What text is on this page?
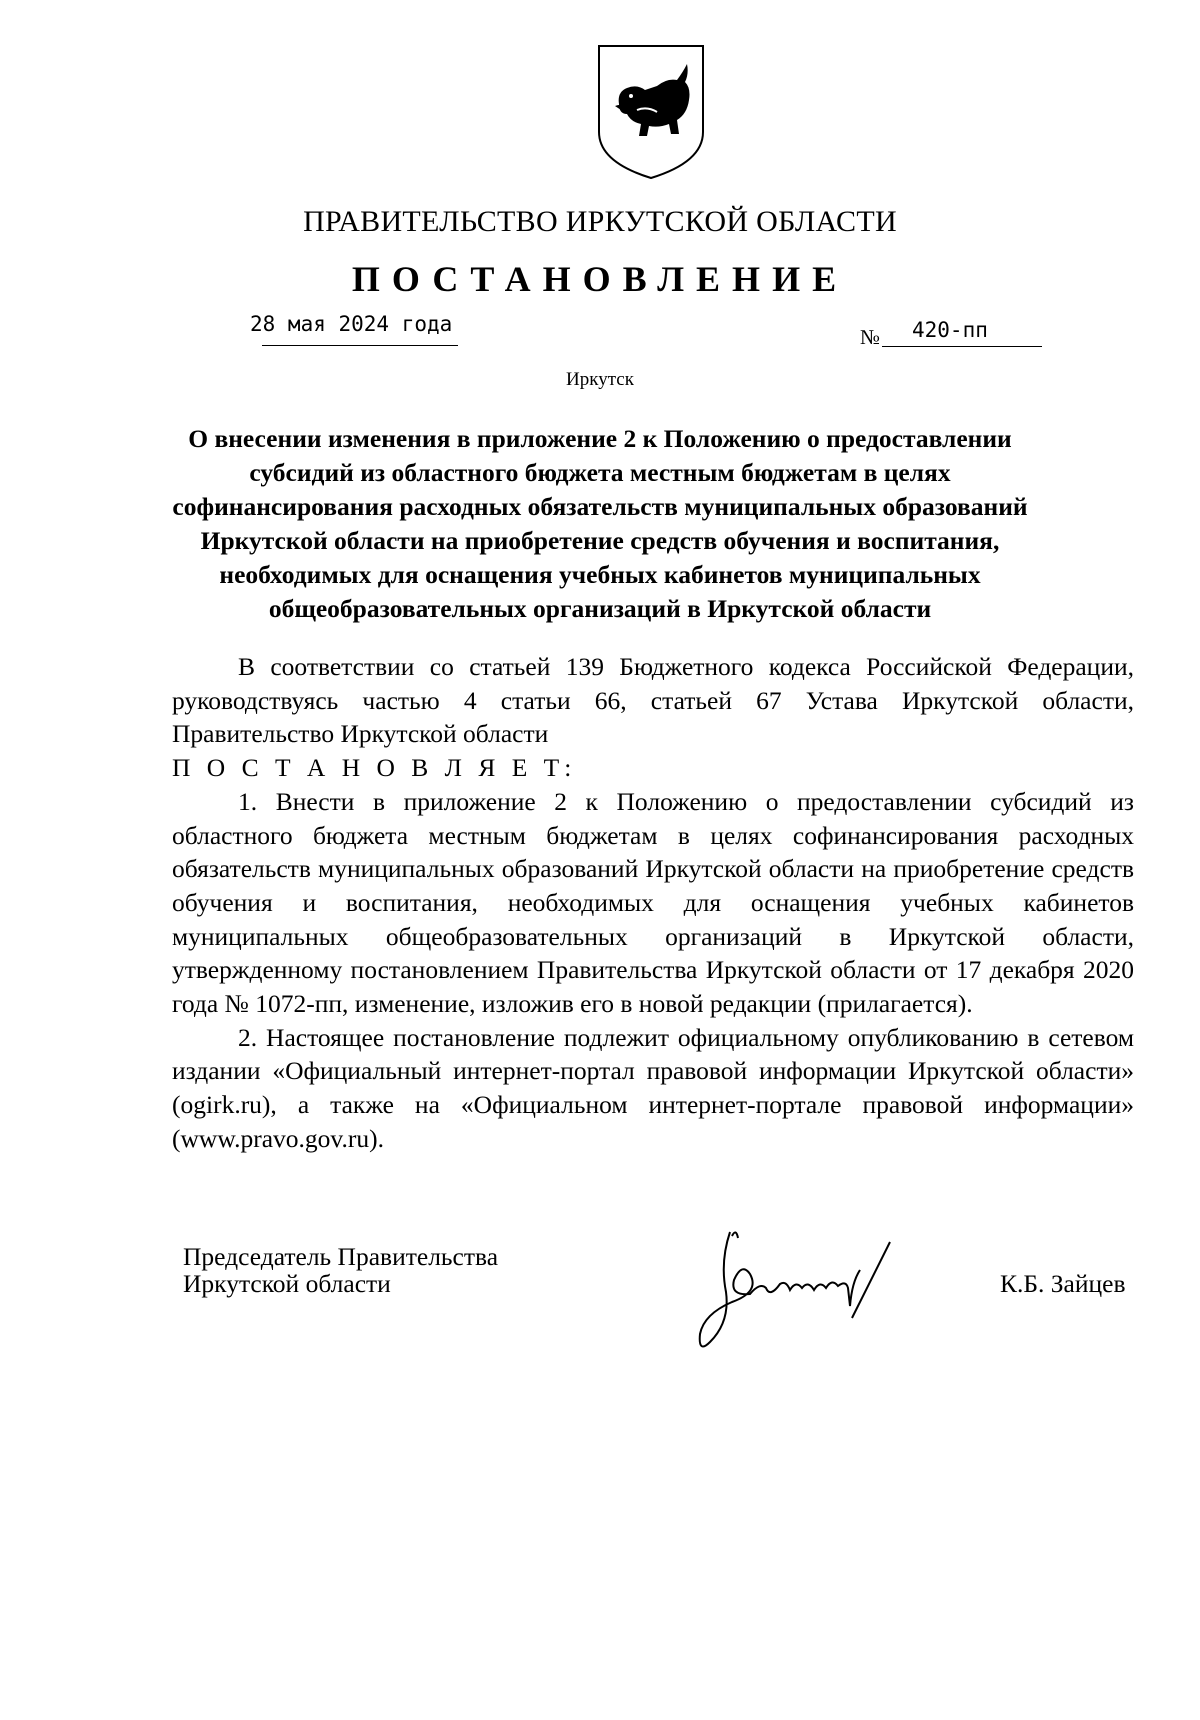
ПРАВИТЕЛЬСТВО ИРКУТСКОЙ ОБЛАСТИ
ПОСТАНОВЛЕНИЕ
28 мая 2024 года
№ 420-пп
Иркутск
О внесении изменения в приложение 2 к Положению о предоставлении
субсидий из областного бюджета местным бюджетам в целях
софинансирования расходных обязательств муниципальных образований
Иркутской области на приобретение средств обучения и воспитания,
необходимых для оснащения учебных кабинетов муниципальных
общеобразовательных организаций в Иркутской области

В соответствии со статьей 139 Бюджетного кодекса Российской Федерации, руководствуясь частью 4 статьи 66, статьей 67 Устава Иркутской области, Правительство Иркутской области

П О С Т А Н О В Л Я Е Т:

1. Внести в приложение 2 к Положению о предоставлении субсидий из областного бюджета местным бюджетам в целях софинансирования расходных обязательств муниципальных образований Иркутской области на приобретение средств обучения и воспитания, необходимых для оснащения учебных кабинетов муниципальных общеобразовательных организаций в Иркутской области, утвержденному постановлением Правительства Иркутской области от 17 декабря 2020 года № 1072-пп, изменение, изложив его в новой редакции (прилагается).

2. Настоящее постановление подлежит официальному опубликованию в сетевом издании «Официальный интернет-портал правовой информации Иркутской области» (ogirk.ru), а также на «Официальном интернет-портале правовой информации» (www.pravo.gov.ru).

Председатель Правительства
Иркутской области	К.Б. Зайцев
